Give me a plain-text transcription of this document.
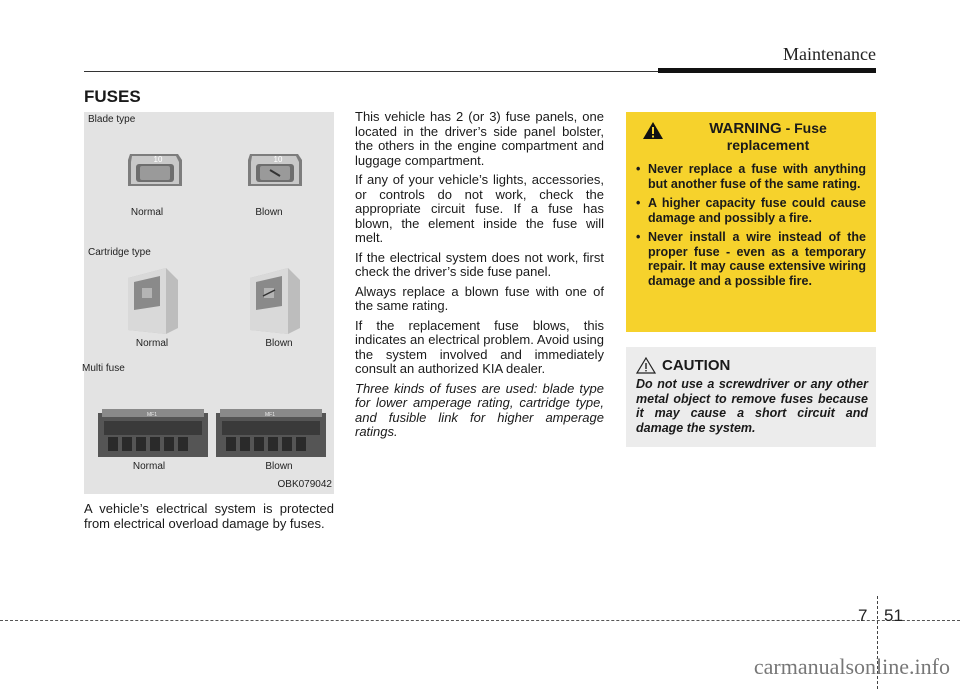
Maintenance
FUSES
Blade type
10	10
Normal	Blown
Cartridge type
Normal	Blown
Multi fuse
MF1	MF1
Normal	Blown
OBK079042

A vehicle’s electrical system is protected from electrical overload damage by fuses.

This vehicle has 2 (or 3) fuse panels, one located in the driver’s side panel bolster, the others in the engine compartment and luggage compartment.

If any of your vehicle’s lights, accessories, or controls do not work, check the appropriate circuit fuse. If a fuse has blown, the element inside the fuse will melt.

If the electrical system does not work, first check the driver’s side fuse panel.

Always replace a blown fuse with one of the same rating.

If the replacement fuse blows, this indicates an electrical problem. Avoid using the system involved and immediately consult an authorized KIA dealer.

Three kinds of fuses are used: blade type for lower amperage rating, cartridge type, and fusible link for higher amperage ratings.

WARNING - Fuse replacement
• Never replace a fuse with anything but another fuse of the same rating.
• A higher capacity fuse could cause damage and possibly a fire.
• Never install a wire instead of the proper fuse - even as a temporary repair. It may cause extensive wiring damage and a possible fire.
CAUTION
Do not use a screwdriver or any other metal object to remove fuses because it may cause a short circuit and damage the system.
7 51
carmanualsonline.info
